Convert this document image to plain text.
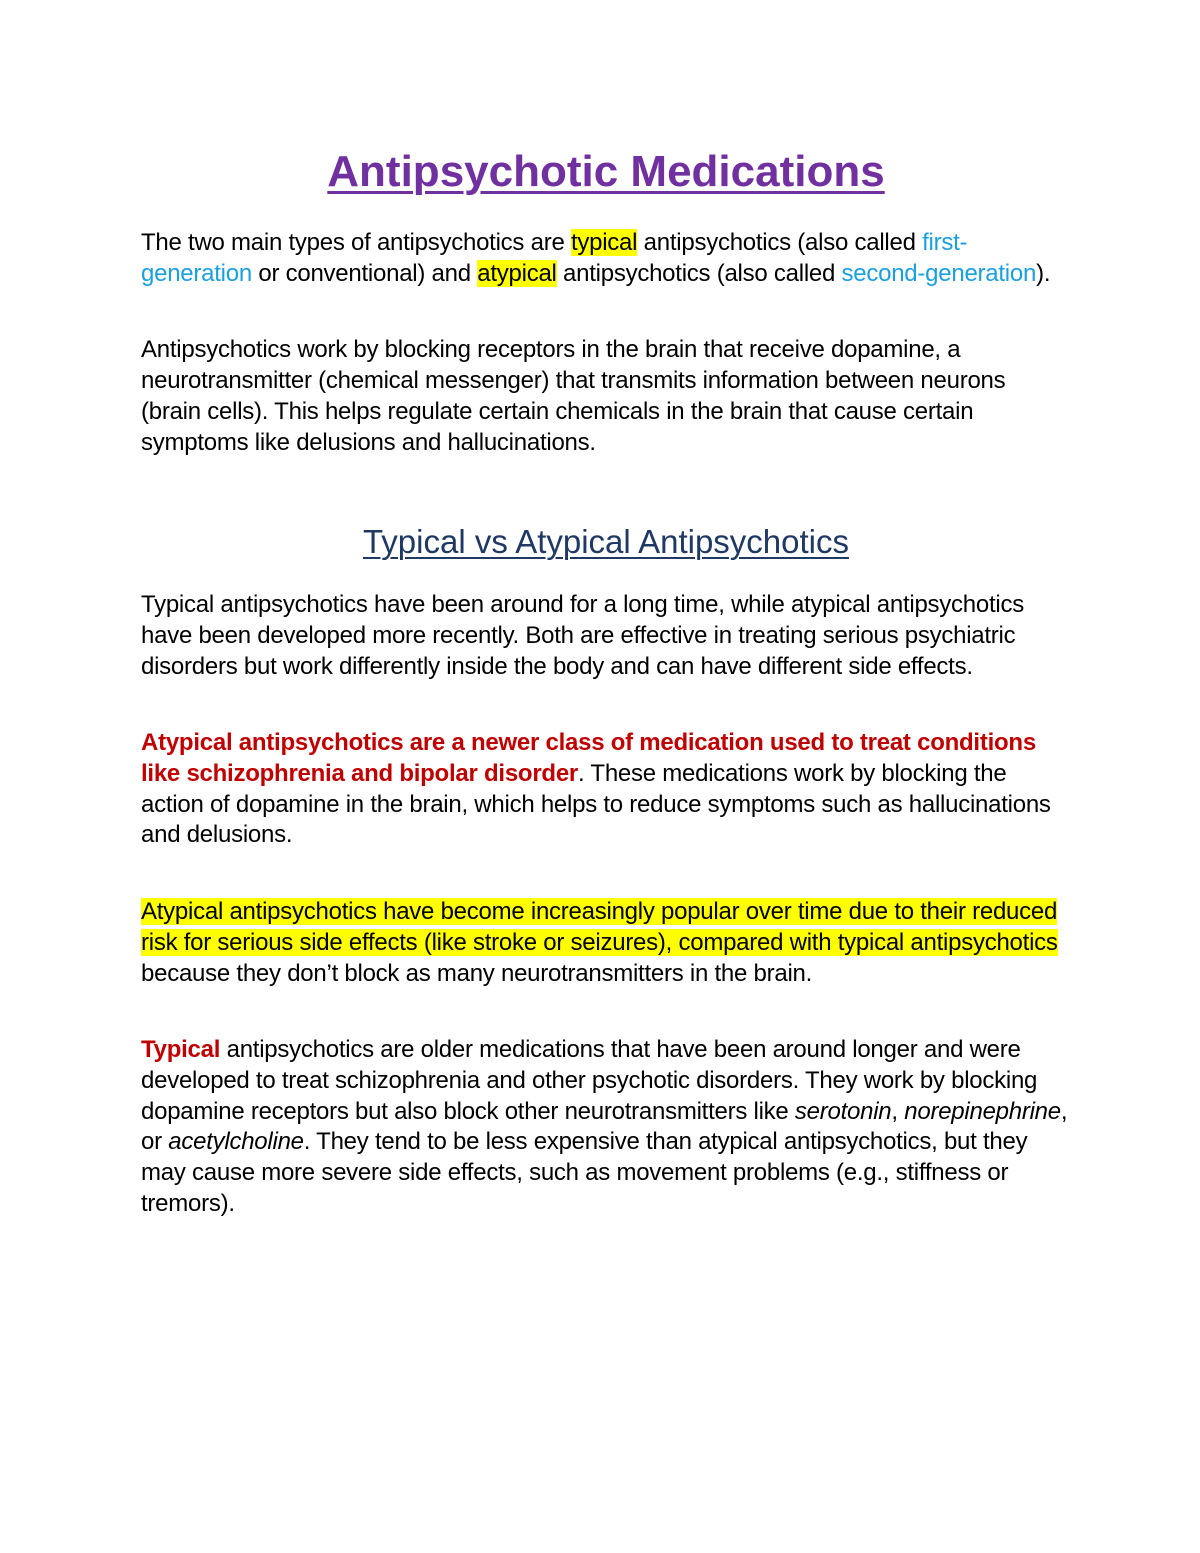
Antipsychotic Medications

The two main types of antipsychotics are typical antipsychotics (also called first-generation or conventional) and atypical antipsychotics (also called second-generation).

Antipsychotics work by blocking receptors in the brain that receive dopamine, a neurotransmitter (chemical messenger) that transmits information between neurons (brain cells). This helps regulate certain chemicals in the brain that cause certain symptoms like delusions and hallucinations.

Typical vs Atypical Antipsychotics

Typical antipsychotics have been around for a long time, while atypical antipsychotics have been developed more recently. Both are effective in treating serious psychiatric disorders but work differently inside the body and can have different side effects.

Atypical antipsychotics are a newer class of medication used to treat conditions like schizophrenia and bipolar disorder. These medications work by blocking the action of dopamine in the brain, which helps to reduce symptoms such as hallucinations and delusions.

Atypical antipsychotics have become increasingly popular over time due to their reduced risk for serious side effects (like stroke or seizures), compared with typical antipsychotics because they don’t block as many neurotransmitters in the brain.

Typical antipsychotics are older medications that have been around longer and were developed to treat schizophrenia and other psychotic disorders. They work by blocking dopamine receptors but also block other neurotransmitters like serotonin, norepinephrine, or acetylcholine. They tend to be less expensive than atypical antipsychotics, but they may cause more severe side effects, such as movement problems (e.g., stiffness or tremors).
